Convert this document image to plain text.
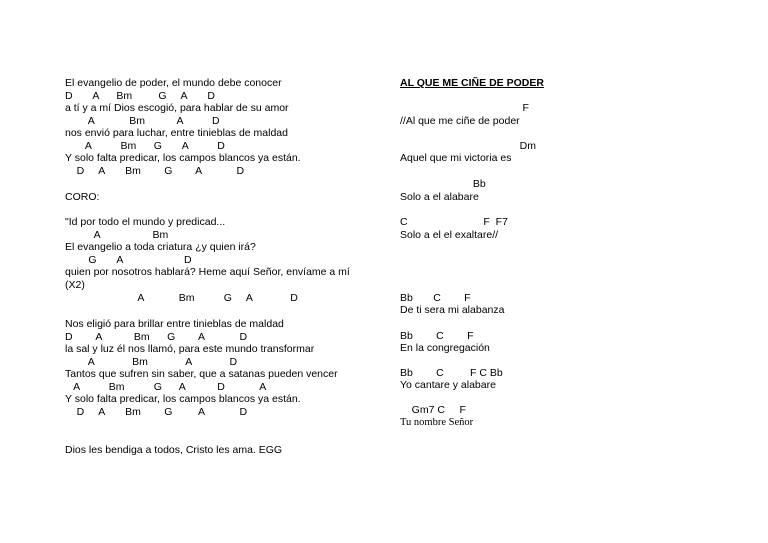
El evangelio de poder, el mundo debe conocer
D       A      Bm         G     A       D
a tí y a mí Dios escogió, para hablar de su amor
A            Bm           A          D
nos envió para luchar, entre tinieblas de maldad
A          Bm      G       A          D
Y solo falta predicar, los campos blancos ya están.
D     A       Bm        G        A            D
CORO:
"Id por todo el mundo y predicad...
A                  Bm
El evangelio a toda criatura ¿y quien irá?
G       A                     D
quien por nosotros hablará? Heme aquí Señor, envíame a mí
(X2)
A            Bm          G     A             D
Nos eligió para brillar entre tinieblas de maldad
D        A           Bm      G        A            D
la sal y luz él nos llamó, para este mundo transformar
A             Bm             A             D
Tantos que sufren sin saber, que a satanas pueden vencer
A          Bm          G      A           D            A
Y solo falta predicar, los campos blancos ya están.
D     A       Bm        G         A            D
Dios les bendiga a todos, Cristo les ama. EGG
AL QUE ME CIÑE DE PODER
F
//Al que me ciñe de poder
Dm
Aquel que mi victoria es
Bb
Solo a el alabare
C                          F  F7
Solo a el el exaltare//
Bb       C        F
De ti sera mi alabanza
Bb        C        F
En la congregación
Bb        C         F C Bb
Yo cantare y alabare
Gm7 C     F
Tu nombre Señor
